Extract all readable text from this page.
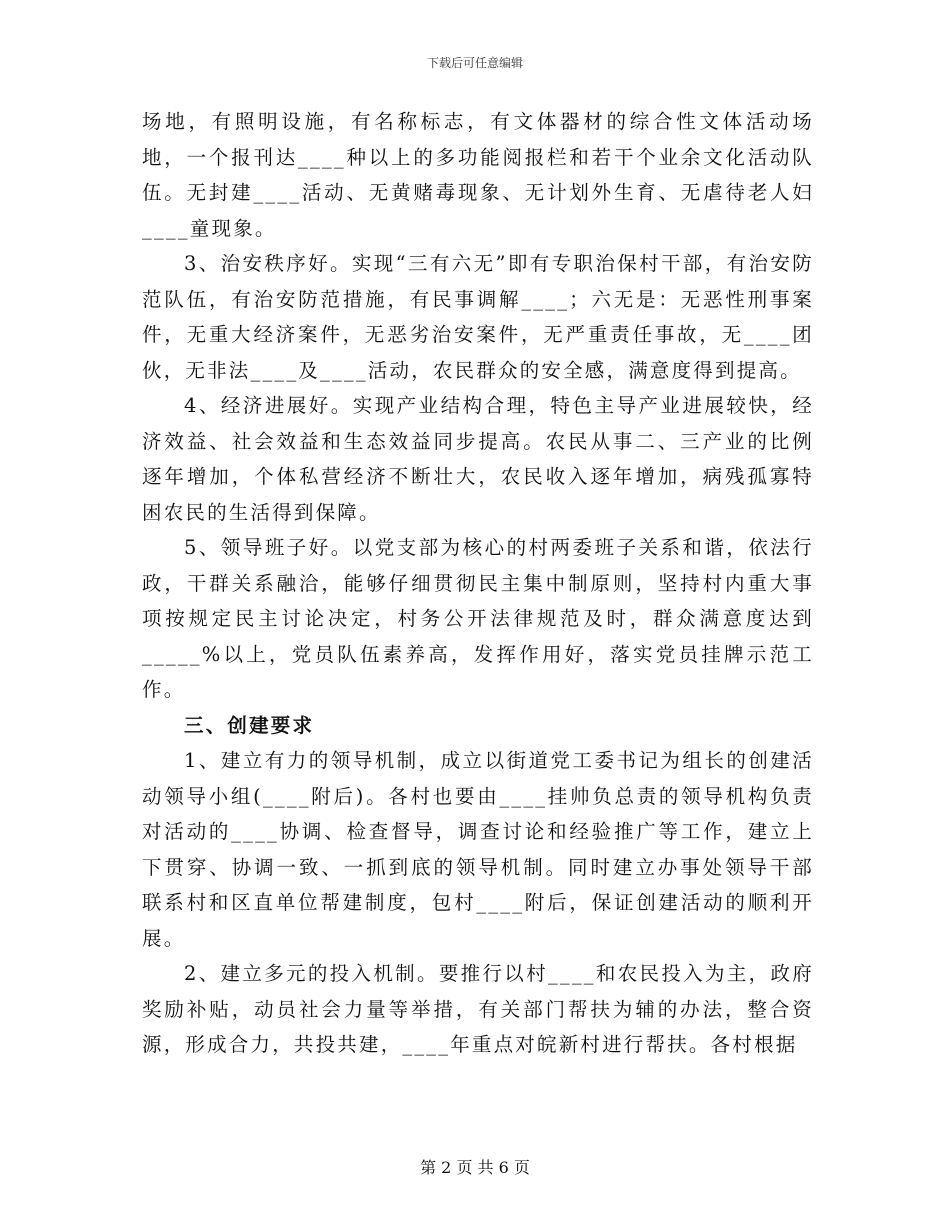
下载后可任意编辑

场地，有照明设施，有名称标志，有文体器材的综合性文体活动场地，一个报刊达____种以上的多功能阅报栏和若干个业余文化活动队伍。无封建____活动、无黄赌毒现象、无计划外生育、无虐待老人妇____童现象。

3、治安秩序好。实现“三有六无”即有专职治保村干部，有治安防范队伍，有治安防范措施，有民事调解____；六无是：无恶性刑事案件，无重大经济案件，无恶劣治安案件，无严重责任事故，无____团伙，无非法____及____活动，农民群众的安全感，满意度得到提高。

4、经济进展好。实现产业结构合理，特色主导产业进展较快，经济效益、社会效益和生态效益同步提高。农民从事二、三产业的比例逐年增加，个体私营经济不断壮大，农民收入逐年增加，病残孤寡特困农民的生活得到保障。

5、领导班子好。以党支部为核心的村两委班子关系和谐，依法行政，干群关系融洽，能够仔细贯彻民主集中制原则，坚持村内重大事项按规定民主讨论决定，村务公开法律规范及时，群众满意度达到_____%以上，党员队伍素养高，发挥作用好，落实党员挂牌示范工作。

三、创建要求

1、建立有力的领导机制，成立以街道党工委书记为组长的创建活动领导小组(____附后)。各村也要由____挂帅负总责的领导机构负责对活动的____协调、检查督导，调查讨论和经验推广等工作，建立上下贯穿、协调一致、一抓到底的领导机制。同时建立办事处领导干部联系村和区直单位帮建制度，包村____附后，保证创建活动的顺利开展。

2、建立多元的投入机制。要推行以村____和农民投入为主，政府奖励补贴，动员社会力量等举措，有关部门帮扶为辅的办法，整合资源，形成合力，共投共建，____年重点对皖新村进行帮扶。各村根据

第 2 页 共 6 页
